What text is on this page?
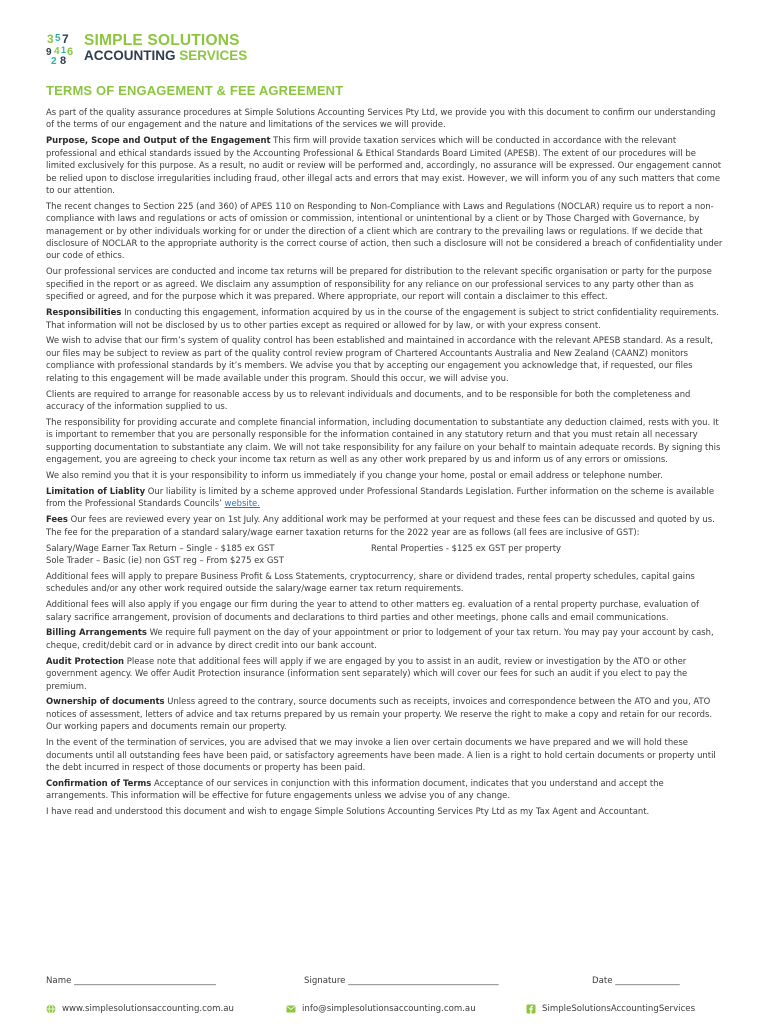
3 5 7
9 4 1 6
2 8
SIMPLE SOLUTIONS
ACCOUNTING SERVICES
TERMS OF ENGAGEMENT & FEE AGREEMENT

As part of the quality assurance procedures at Simple Solutions Accounting Services Pty Ltd, we provide you with this document to confirm our understanding of the terms of our engagement and the nature and limitations of the services we will provide.

Purpose, Scope and Output of the Engagement This firm will provide taxation services which will be conducted in accordance with the relevant professional and ethical standards issued by the Accounting Professional & Ethical Standards Board Limited (APESB). The extent of our procedures will be limited exclusively for this purpose. As a result, no audit or review will be performed and, accordingly, no assurance will be expressed. Our engagement cannot be relied upon to disclose irregularities including fraud, other illegal acts and errors that may exist. However, we will inform you of any such matters that come to our attention.

The recent changes to Section 225 (and 360) of APES 110 on Responding to Non-Compliance with Laws and Regulations (NOCLAR) require us to report a non-compliance with laws and regulations or acts of omission or commission, intentional or unintentional by a client or by Those Charged with Governance, by management or by other individuals working for or under the direction of a client which are contrary to the prevailing laws or regulations. If we decide that disclosure of NOCLAR to the appropriate authority is the correct course of action, then such a disclosure will not be considered a breach of confidentiality under our code of ethics.

Our professional services are conducted and income tax returns will be prepared for distribution to the relevant specific organisation or party for the purpose specified in the report or as agreed. We disclaim any assumption of responsibility for any reliance on our professional services to any party other than as specified or agreed, and for the purpose which it was prepared. Where appropriate, our report will contain a disclaimer to this effect.

Responsibilities In conducting this engagement, information acquired by us in the course of the engagement is subject to strict confidentiality requirements. That information will not be disclosed by us to other parties except as required or allowed for by law, or with your express consent.

We wish to advise that our firm’s system of quality control has been established and maintained in accordance with the relevant APESB standard. As a result, our files may be subject to review as part of the quality control review program of Chartered Accountants Australia and New Zealand (CAANZ) monitors compliance with professional standards by it’s members. We advise you that by accepting our engagement you acknowledge that, if requested, our files relating to this engagement will be made available under this program. Should this occur, we will advise you.

Clients are required to arrange for reasonable access by us to relevant individuals and documents, and to be responsible for both the completeness and accuracy of the information supplied to us.

The responsibility for providing accurate and complete financial information, including documentation to substantiate any deduction claimed, rests with you. It is important to remember that you are personally responsible for the information contained in any statutory return and that you must retain all necessary supporting documentation to substantiate any claim. We will not take responsibility for any failure on your behalf to maintain adequate records. By signing this engagement, you are agreeing to check your income tax return as well as any other work prepared by us and inform us of any errors or omissions.

We also remind you that it is your responsibility to inform us immediately if you change your home, postal or email address or telephone number.

Limitation of Liablity Our liability is limited by a scheme approved under Professional Standards Legislation. Further information on the scheme is available from the Professional Standards Councils’ website.

Fees Our fees are reviewed every year on 1st July. Any additional work may be performed at your request and these fees can be discussed and quoted by us. The fee for the preparation of a standard salary/wage earner taxation returns for the 2022 year are as follows (all fees are inclusive of GST):

Salary/Wage Earner Tax Return – Single - $185 ex GST	Rental Properties - $125 ex GST per property
Sole Trader – Basic (ie) non GST reg – From $275 ex GST

Additional fees will apply to prepare Business Profit & Loss Statements, cryptocurrency, share or dividend trades, rental property schedules, capital gains schedules and/or any other work required outside the salary/wage earner tax return requirements.

Additional fees will also apply if you engage our firm during the year to attend to other matters eg. evaluation of a rental property purchase, evaluation of salary sacrifice arrangement, provision of documents and declarations to third parties and other meetings, phone calls and email communications.

Billing Arrangements We require full payment on the day of your appointment or prior to lodgement of your tax return. You may pay your account by cash, cheque, credit/debit card or in advance by direct credit into our bank account.

Audit Protection Please note that additional fees will apply if we are engaged by you to assist in an audit, review or investigation by the ATO or other government agency. We offer Audit Protection insurance (information sent separately) which will cover our fees for such an audit if you elect to pay the premium.

Ownership of documents Unless agreed to the contrary, source documents such as receipts, invoices and correspondence between the ATO and you, ATO notices of assessment, letters of advice and tax returns prepared by us remain your property. We reserve the right to make a copy and retain for our records. Our working papers and documents remain our property.

In the event of the termination of services, you are advised that we may invoke a lien over certain documents we have prepared and we will hold these documents until all outstanding fees have been paid, or satisfactory agreements have been made. A lien is a right to hold certain documents or property until the debt incurred in respect of those documents or property has been paid.

Confirmation of Terms Acceptance of our services in conjunction with this information document, indicates that you understand and accept the arrangements. This information will be effective for future engagements unless we advise you of any change.

I have read and understood this document and wish to engage Simple Solutions Accounting Services Pty Ltd as my Tax Agent and Accountant.

Name _________________________________	Signature ___________________________________	Date _______________
www.simplesolutionsaccounting.com.au	info@simplesolutionsaccounting.com.au	SimpleSolutionsAccountingServices
